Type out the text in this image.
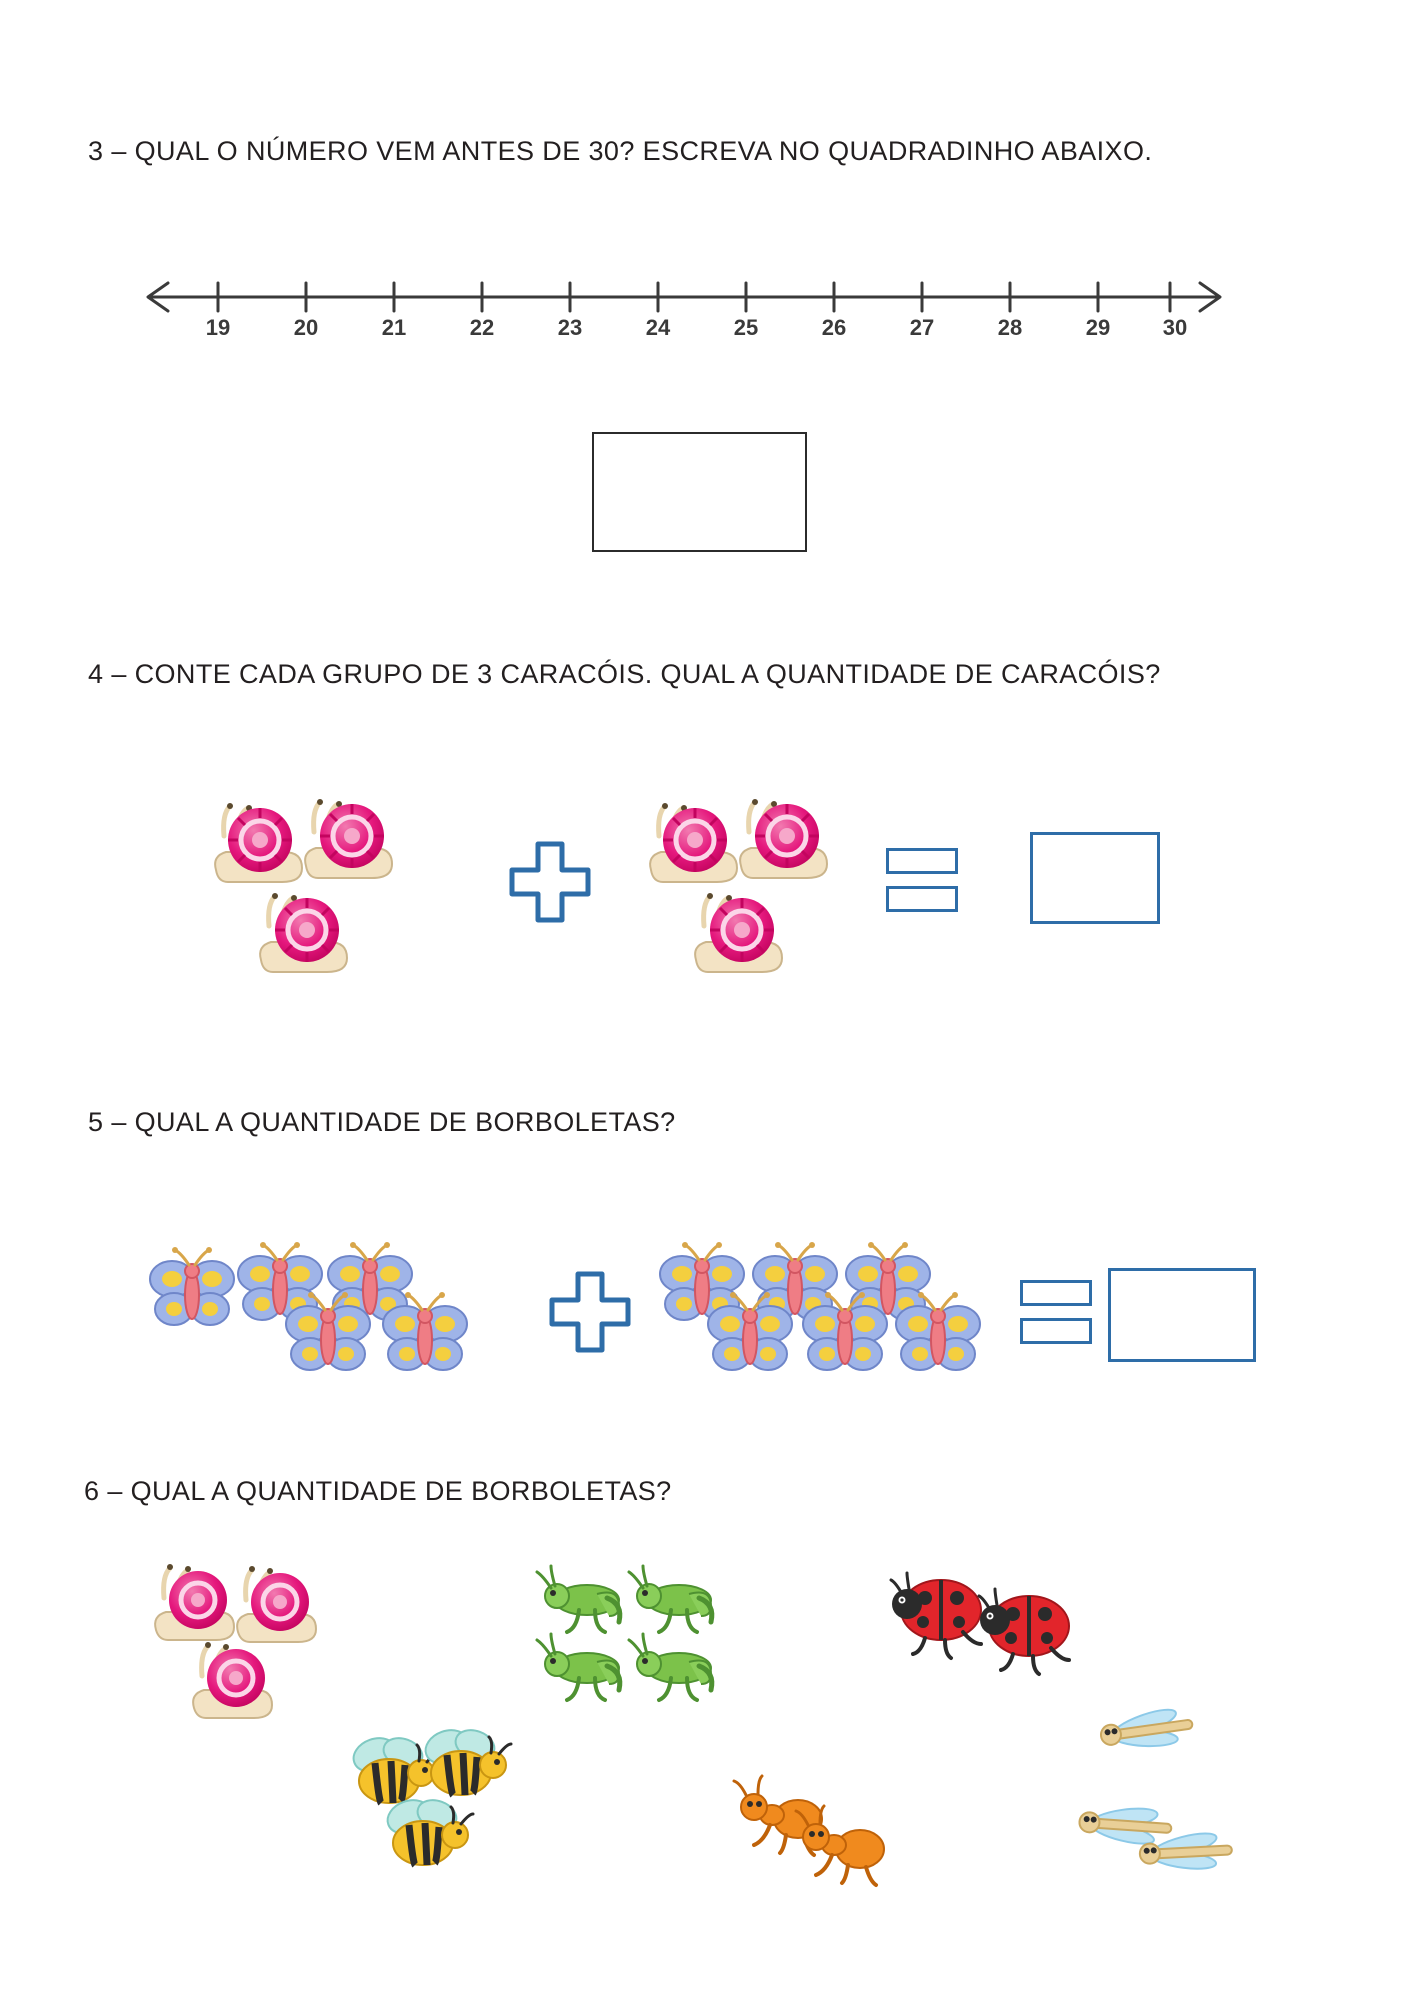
3 – QUAL O NÚMERO VEM ANTES DE 30? ESCREVA NO QUADRADINHO ABAIXO.
19	20	21	22	23	24	25	26	27	28	29 30
4 – CONTE CADA GRUPO DE 3 CARACÓIS. QUAL A QUANTIDADE DE CARACÓIS?
5 – QUAL A QUANTIDADE DE BORBOLETAS?
6 – QUAL A QUANTIDADE DE BORBOLETAS?
